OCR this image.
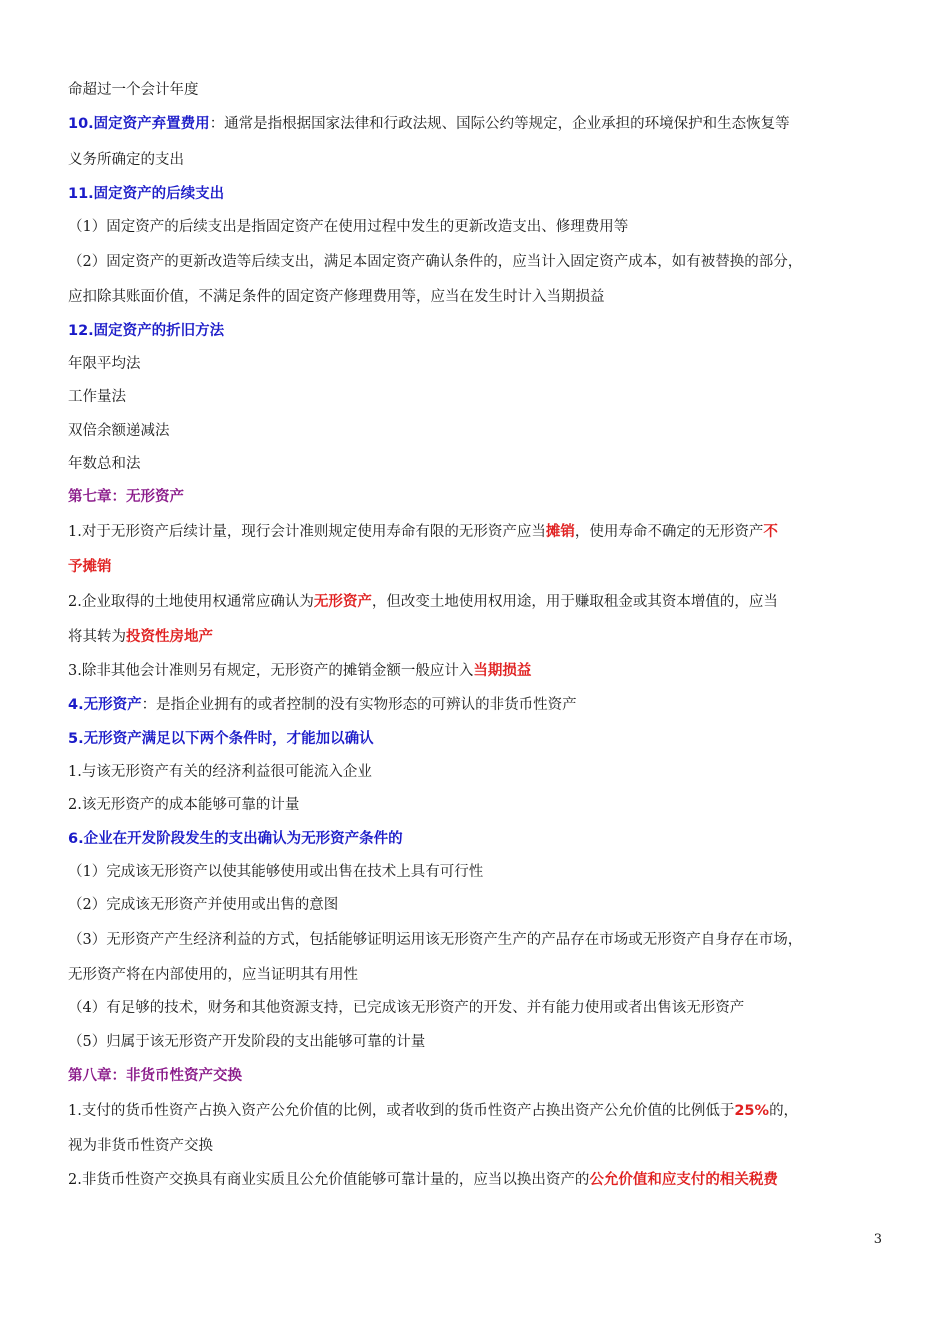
命超过一个会计年度
10.固定资产弃置费用：通常是指根据国家法律和行政法规、国际公约等规定，企业承担的环境保护和生态恢复等
义务所确定的支出
11.固定资产的后续支出
（1）固定资产的后续支出是指固定资产在使用过程中发生的更新改造支出、修理费用等
（2）固定资产的更新改造等后续支出，满足本固定资产确认条件的，应当计入固定资产成本，如有被替换的部分，
应扣除其账面价值，不满足条件的固定资产修理费用等，应当在发生时计入当期损益
12.固定资产的折旧方法
年限平均法
工作量法
双倍余额递减法
年数总和法
第七章：无形资产
1.对于无形资产后续计量，现行会计准则规定使用寿命有限的无形资产应当摊销，使用寿命不确定的无形资产不
予摊销
2.企业取得的土地使用权通常应确认为无形资产，但改变土地使用权用途，用于赚取租金或其资本增值的，应当
将其转为投资性房地产
3.除非其他会计准则另有规定，无形资产的摊销金额一般应计入当期损益
4.无形资产：是指企业拥有的或者控制的没有实物形态的可辨认的非货币性资产
5.无形资产满足以下两个条件时，才能加以确认
1.与该无形资产有关的经济利益很可能流入企业
2.该无形资产的成本能够可靠的计量
6.企业在开发阶段发生的支出确认为无形资产条件的
（1）完成该无形资产以使其能够使用或出售在技术上具有可行性
（2）完成该无形资产并使用或出售的意图
（3）无形资产产生经济利益的方式，包括能够证明运用该无形资产生产的产品存在市场或无形资产自身存在市场，
无形资产将在内部使用的，应当证明其有用性
（4）有足够的技术，财务和其他资源支持，已完成该无形资产的开发、并有能力使用或者出售该无形资产
（5）归属于该无形资产开发阶段的支出能够可靠的计量
第八章：非货币性资产交换
1.支付的货币性资产占换入资产公允价值的比例，或者收到的货币性资产占换出资产公允价值的比例低于25%的，
视为非货币性资产交换
2.非货币性资产交换具有商业实质且公允价值能够可靠计量的，应当以换出资产的公允价值和应支付的相关税费
3
